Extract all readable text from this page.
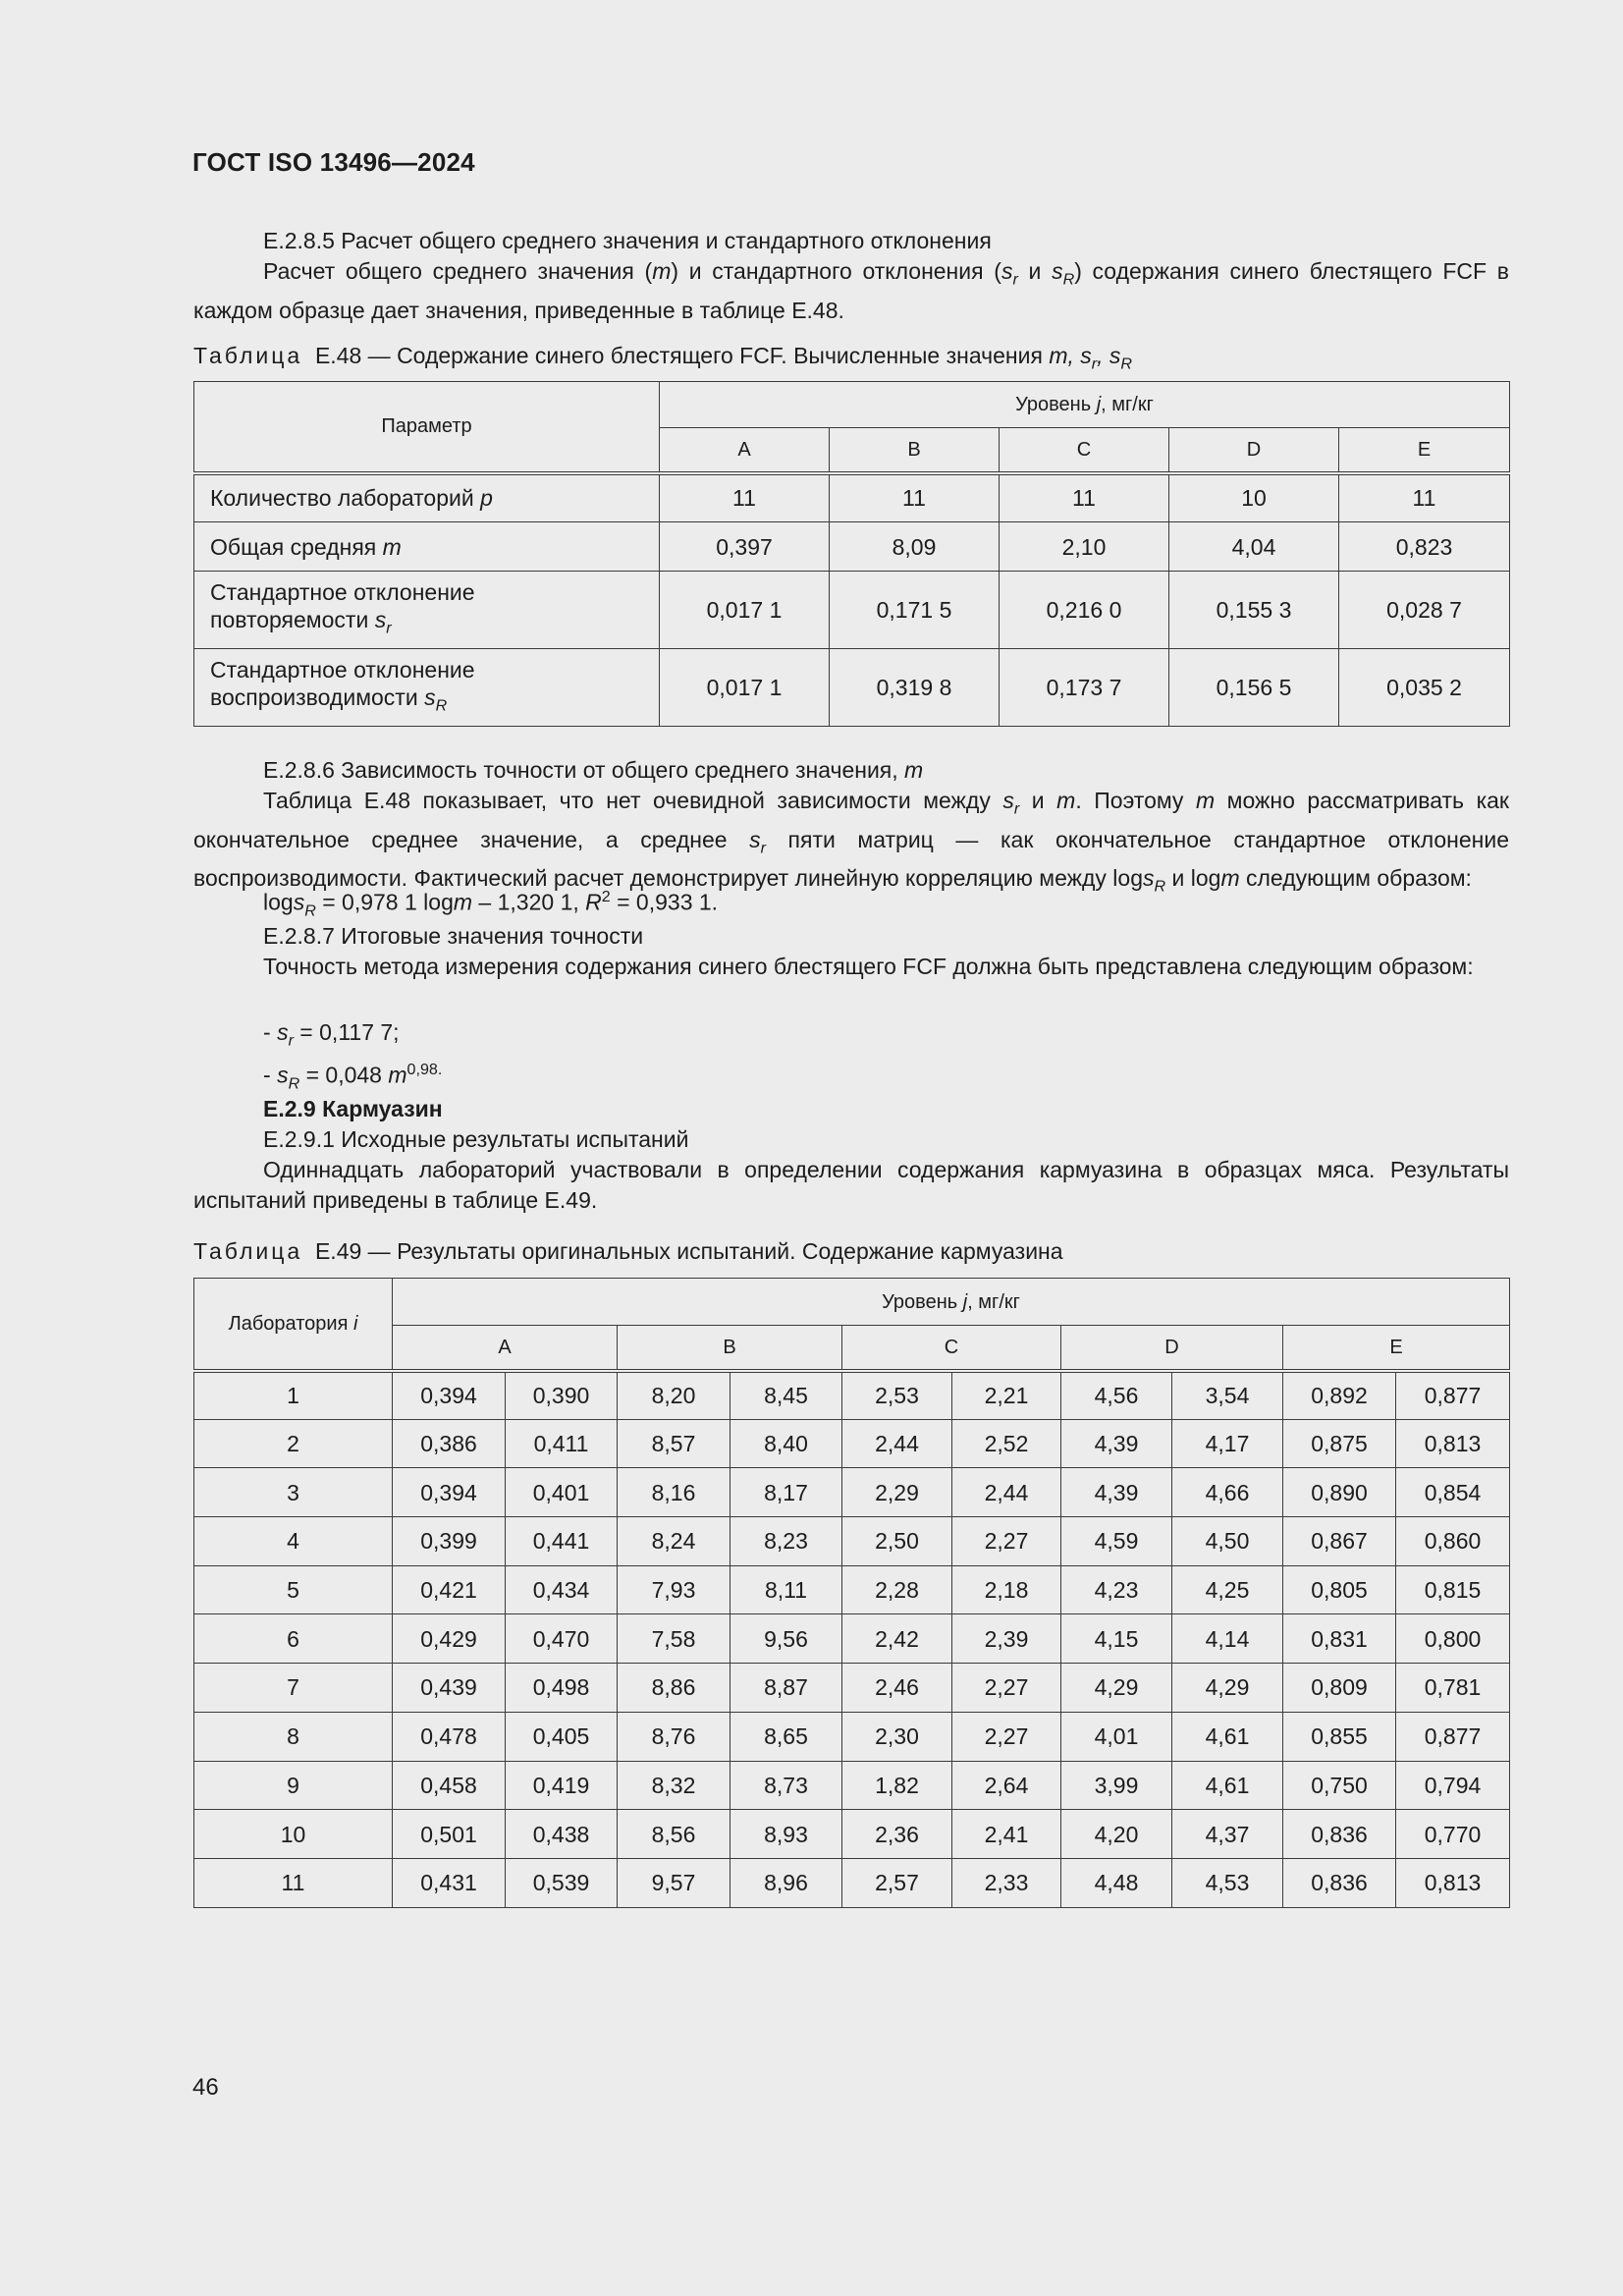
ГОСТ ISO 13496—2024
E.2.8.5 Расчет общего среднего значения и стандартного отклонения
Расчет общего среднего значения (m) и стандартного отклонения ($s_r$ и $s_R$) содержания синего блестящего FCF в каждом образце дает значения, приведенные в таблице E.48.
Таблица E.48 — Содержание синего блестящего FCF. Вычисленные значения m, $s_r$, $s_R$
Параметр	Уровень j, мг/кг				
	A	B	C	D	E
Количество лабораторий p	11	11	11	10	11
Общая средняя m	0,397	8,09	2,10	4,04	0,823
Стандартное отклонение
повторяемости $s_r$	0,017 1	0,171 5	0,216 0	0,155 3	0,028 7
Стандартное отклонение
воспроизводимости $s_R$	0,017 1	0,319 8	0,173 7	0,156 5	0,035 2
E.2.8.6 Зависимость точности от общего среднего значения, m
Таблица E.48 показывает, что нет очевидной зависимости между $s_r$ и m. Поэтому m можно рассматривать как окончательное среднее значение, а среднее $s_r$ пяти матриц — как окончательное стандартное отклонение воспроизводимости. Фактический расчет демонстрирует линейную корреляцию между logs$_R$ и logm следующим образом:
logs$_R$ = 0,978 1 logm – 1,320 1, $R^2 = 0,933$ 1.
E.2.8.7 Итоговые значения точности
Точность метода измерения содержания синего блестящего FCF должна быть представлена следующим образом:
- $s_r = 0,117$ 7;
- $s_R = 0,048$ $m^{0,98.}$
E.2.9 Кармуазин
E.2.9.1 Исходные результаты испытаний
Одиннадцать лабораторий участвовали в определении содержания кармуазина в образцах мяса. Результаты испытаний приведены в таблице E.49.
Таблица E.49 — Результаты оригинальных испытаний. Содержание кармуазина
Лаборатория i	Уровень j, мг/кг									
	A		B		C		D		E	
1	0,394	0,390	8,20	8,45	2,53	2,21	4,56	3,54	0,892	0,877
2	0,386	0,411	8,57	8,40	2,44	2,52	4,39	4,17	0,875	0,813
3	0,394	0,401	8,16	8,17	2,29	2,44	4,39	4,66	0,890	0,854
4	0,399	0,441	8,24	8,23	2,50	2,27	4,59	4,50	0,867	0,860
5	0,421	0,434	7,93	8,11	2,28	2,18	4,23	4,25	0,805	0,815
6	0,429	0,470	7,58	9,56	2,42	2,39	4,15	4,14	0,831	0,800
7	0,439	0,498	8,86	8,87	2,46	2,27	4,29	4,29	0,809	0,781
8	0,478	0,405	8,76	8,65	2,30	2,27	4,01	4,61	0,855	0,877
9	0,458	0,419	8,32	8,73	1,82	2,64	3,99	4,61	0,750	0,794
10	0,501	0,438	8,56	8,93	2,36	2,41	4,20	4,37	0,836	0,770
11	0,431	0,539	9,57	8,96	2,57	2,33	4,48	4,53	0,836	0,813
46
